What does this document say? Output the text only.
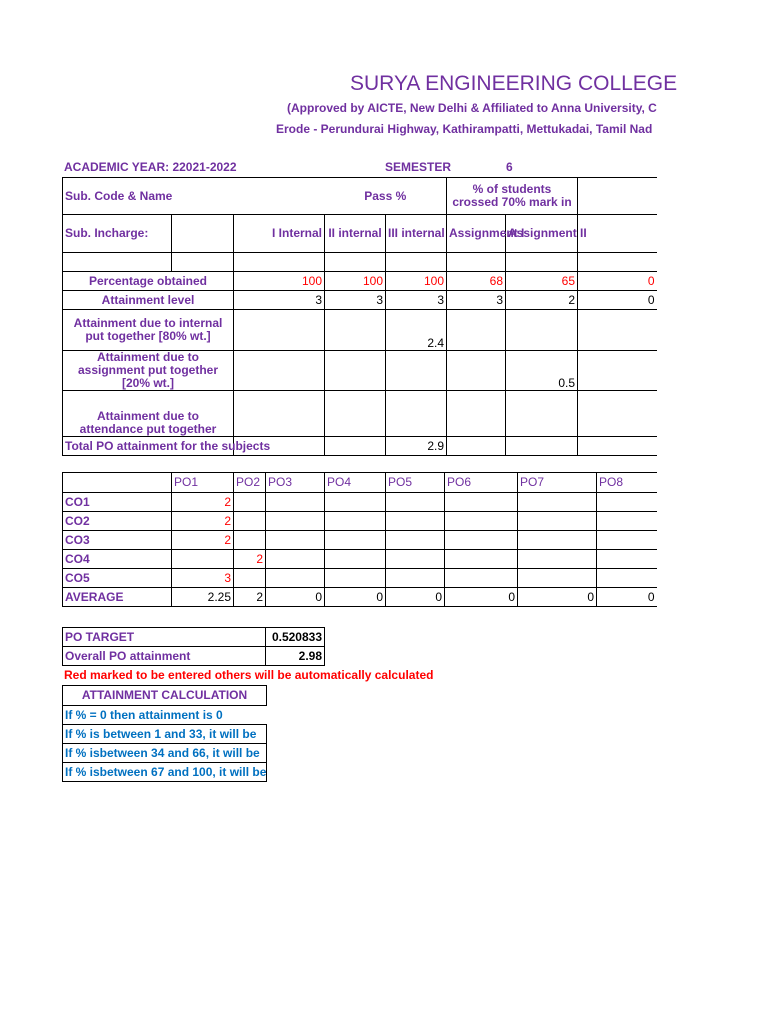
SURYA ENGINEERING COLLEGE
(Approved by AICTE, New Delhi & Affiliated to Anna University, C
Erode - Perundurai Highway, Kathirampatti, Mettukadai, Tamil Nad
ACADEMIC YEAR: 22021-2022	SEMESTER	6
Sub. Code & Name			Pass %		% of students crossed 70% mark in		
Sub. Incharge:		I Internal	II internal	III internal	Assignment I	Assignment II	

Percentage obtained		100	100	100	68	65	0
Attainment level		3	3	3	3	2	0
Attainment due to internal put together [80% wt.]				2.4			
Attainment due to assignment put together [20% wt.]						0.5	
Attainment due to attendance put together							
Total PO attainment for the subjects				2.9			
	PO1	PO2	PO3	PO4	PO5	PO6	PO7	PO8
CO1	2							
CO2	2							
CO3	2							
CO4		2						
CO5	3							
AVERAGE	2.25	2	0	0	0	0	0	0
PO TARGET	0.520833
Overall PO attainment	2.98
Red marked to be entered others will be automatically calculated
ATTAINMENT CALCULATION
If % = 0 then attainment is 0
If % is between 1 and 33, it will be
If % isbetween 34 and 66, it will be
If % isbetween 67 and 100, it will be
